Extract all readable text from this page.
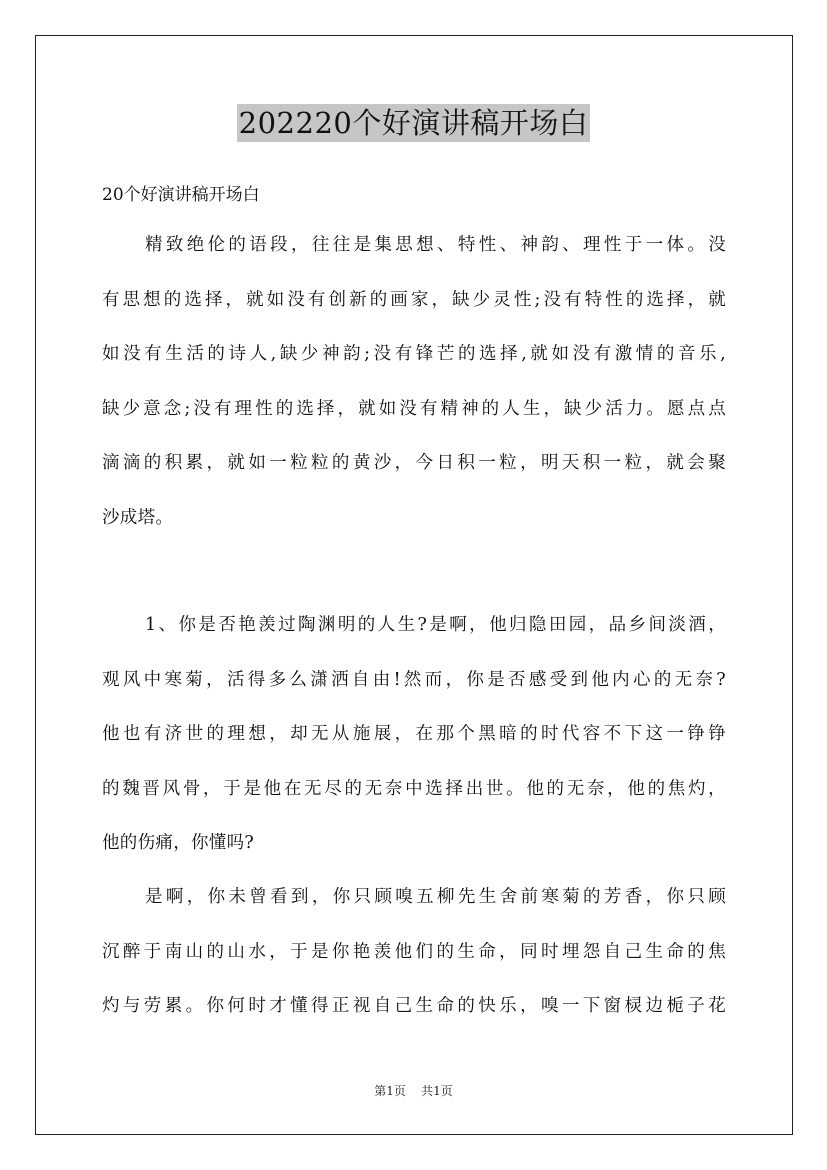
202220个好演讲稿开场白
20个好演讲稿开场白
精致绝伦的语段，往往是集思想、特性、神韵、理性于一体。没
有思想的选择，就如没有创新的画家，缺少灵性;没有特性的选择，就
如没有生活的诗人,缺少神韵;没有锋芒的选择,就如没有激情的音乐,
缺少意念;没有理性的选择，就如没有精神的人生，缺少活力。愿点点
滴滴的积累，就如一粒粒的黄沙，今日积一粒，明天积一粒，就会聚
沙成塔。
1、你是否艳羡过陶渊明的人生?是啊，他归隐田园，品乡间淡酒，
观风中寒菊，活得多么潇洒自由!然而，你是否感受到他内心的无奈?
他也有济世的理想，却无从施展，在那个黑暗的时代容不下这一铮铮
的魏晋风骨，于是他在无尽的无奈中选择出世。他的无奈，他的焦灼，
他的伤痛，你懂吗?
是啊，你未曾看到，你只顾嗅五柳先生舍前寒菊的芳香，你只顾
沉醉于南山的山水，于是你艳羡他们的生命，同时埋怨自己生命的焦
灼与劳累。你何时才懂得正视自己生命的快乐，嗅一下窗棂边栀子花
第1页 共1页
